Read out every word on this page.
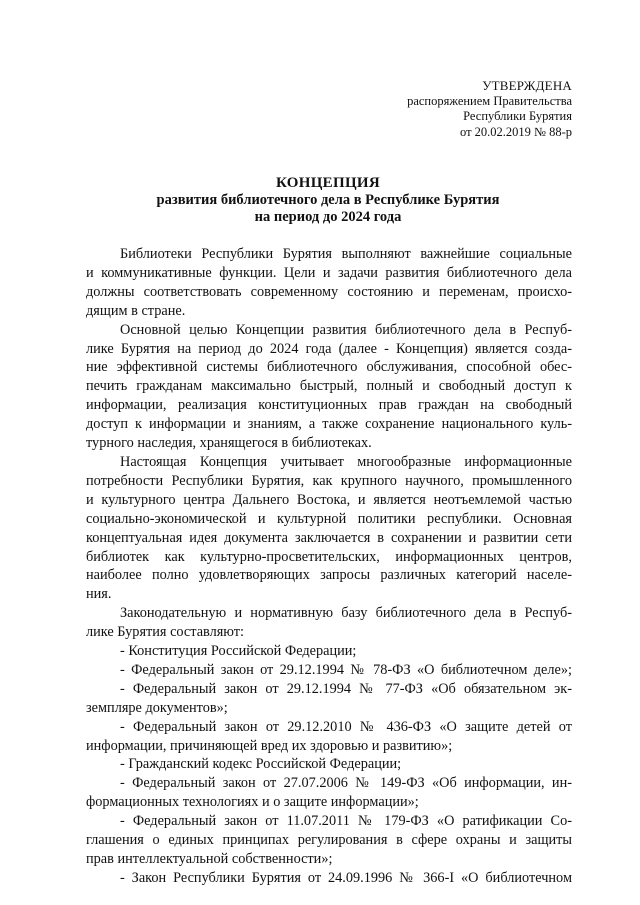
УТВЕРЖДЕНА
распоряжением Правительства
Республики Бурятия
от 20.02.2019 № 88-р
КОНЦЕПЦИЯ
развития библиотечного дела в Республике Бурятия
на период до 2024 года

Библиотеки Республики Бурятия выполняют важнейшие социальные

и коммуникативные функции. Цели и задачи развития библиотечного дела

должны соответствовать современному состоянию и переменам, происхо-

дящим в стране.

Основной целью Концепции развития библиотечного дела в Респуб-

лике Бурятия на период до 2024 года (далее - Концепция) является созда-

ние эффективной системы библиотечного обслуживания, способной обес-

печить гражданам максимально быстрый, полный и свободный доступ к

информации, реализация конституционных прав граждан на свободный

доступ к информации и знаниям, а также сохранение национального куль-

турного наследия, хранящегося в библиотеках.

Настоящая Концепция учитывает многообразные информационные

потребности Республики Бурятия, как крупного научного, промышленного

и культурного центра Дальнего Востока, и является неотъемлемой частью

социально-экономической и культурной политики республики. Основная

концептуальная идея документа заключается в сохранении и развитии сети

библиотек как культурно-просветительских, информационных центров,

наиболее полно удовлетворяющих запросы различных категорий населе-

ния.

Законодательную и нормативную базу библиотечного дела в Респуб-

лике Бурятия составляют:

- Конституция Российской Федерации;

- Федеральный закон от 29.12.1994 № 78-ФЗ «О библиотечном деле»;

- Федеральный закон от 29.12.1994 № 77-ФЗ «Об обязательном эк-

земпляре документов»;

- Федеральный закон от 29.12.2010 № 436-ФЗ «О защите детей от

информации, причиняющей вред их здоровью и развитию»;

- Гражданский кодекс Российской Федерации;

- Федеральный закон от 27.07.2006 № 149-ФЗ «Об информации, ин-

формационных технологиях и о защите информации»;

- Федеральный закон от 11.07.2011 № 179-ФЗ «О ратификации Со-

глашения о единых принципах регулирования в сфере охраны и защиты

прав интеллектуальной собственности»;

- Закон Республики Бурятия от 24.09.1996 № 366-I «О библиотечном
